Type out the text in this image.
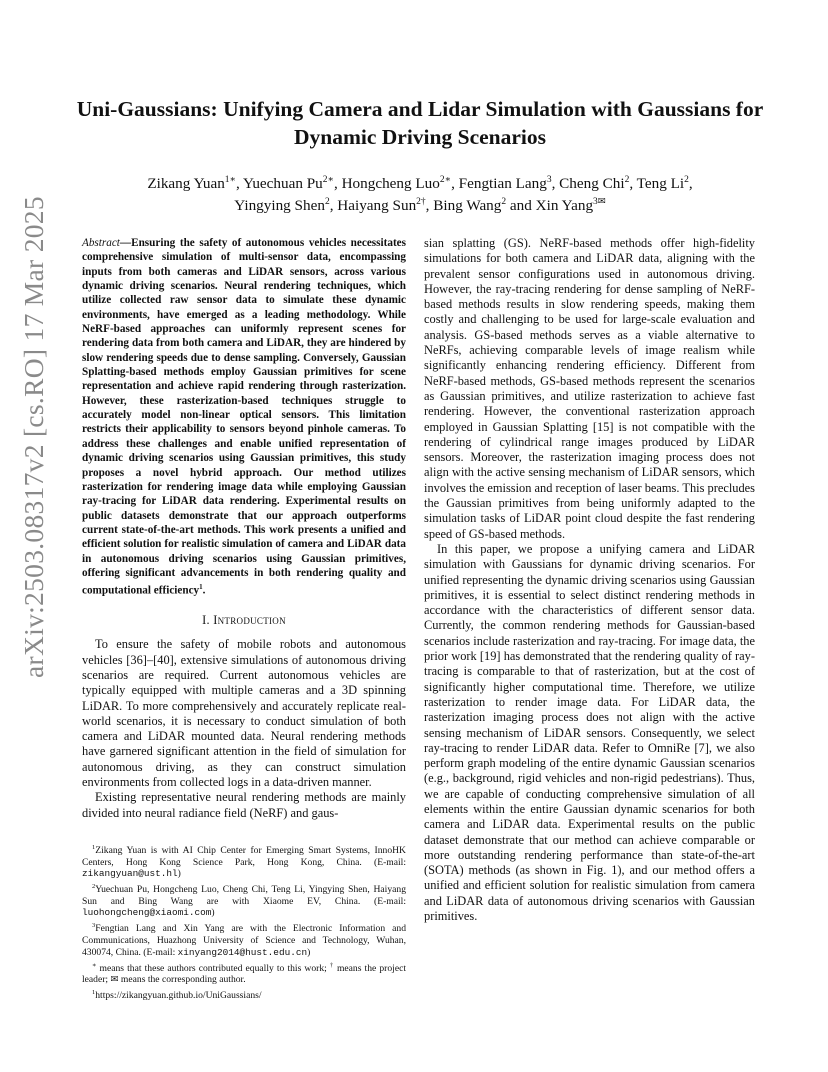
arXiv:2503.08317v2 [cs.RO] 17 Mar 2025
Uni-Gaussians: Unifying Camera and Lidar Simulation with Gaussians for Dynamic Driving Scenarios
Zikang Yuan$^{1∗}$, Yuechuan $Pu^{2∗}$, Hongcheng Luo$^{2∗}$, Fengtian Lang$^3$, Cheng Chi$^2$, Teng Li$^2$,
Yingying Shen$^2$, Haiyang Sun$^{2\dagger}$, Bing Wang$^2$ and Xin Yang$^{3✉}$

Abstract—Ensuring the safety of autonomous vehicles necessitates comprehensive simulation of multi-sensor data, encompassing inputs from both cameras and LiDAR sensors, across various dynamic driving scenarios. Neural rendering techniques, which utilize collected raw sensor data to simulate these dynamic environments, have emerged as a leading methodology. While NeRF-based approaches can uniformly represent scenes for rendering data from both camera and LiDAR, they are hindered by slow rendering speeds due to dense sampling. Conversely, Gaussian Splatting-based methods employ Gaussian primitives for scene representation and achieve rapid rendering through rasterization. However, these rasterization-based techniques struggle to accurately model non-linear optical sensors. This limitation restricts their applicability to sensors beyond pinhole cameras. To address these challenges and enable unified representation of dynamic driving scenarios using Gaussian primitives, this study proposes a novel hybrid approach. Our method utilizes rasterization for rendering image data while employing Gaussian ray-tracing for LiDAR data rendering. Experimental results on public datasets demonstrate that our approach outperforms current state-of-the-art methods. This work presents a unified and efficient solution for realistic simulation of camera and LiDAR data in autonomous driving scenarios using Gaussian primitives, offering significant advancements in both rendering quality and computational efficiency$^1$.

I. Introduction

To ensure the safety of mobile robots and autonomous vehicles [36]–[40], extensive simulations of autonomous driving scenarios are required. Current autonomous vehicles are typically equipped with multiple cameras and a 3D spinning LiDAR. To more comprehensively and accurately replicate real-world scenarios, it is necessary to conduct simulation of both camera and LiDAR mounted data. Neural rendering methods have garnered significant attention in the field of simulation for autonomous driving, as they can construct simulation environments from collected logs in a data-driven manner.

Existing representative neural rendering methods are mainly divided into neural radiance field (NeRF) and gaus-

$^1$Zikang Yuan is with AI Chip Center for Emerging Smart Systems, InnoHK Centers, Hong Kong Science Park, Hong Kong, China. (E-mail: zikangyuan@ust.hl)

$^2$Yuechuan Pu, Hongcheng Luo, Cheng Chi, Teng Li, Yingying Shen, Haiyang Sun and Bing Wang are with Xiaome EV, China. (E-mail: luohongcheng@xiaomi.com)

$^3$Fengtian Lang and Xin Yang are with the Electronic Information and Communications, Huazhong University of Science and Technology, Wuhan, 430074, China. (E-mail: xinyang2014@hust.edu.cn)

∗ means that these authors contributed equally to this work; † means the project leader; ✉ means the corresponding author.

$^1$https://zikangyuan.github.io/UniGaussians/

sian splatting (GS). NeRF-based methods offer high-fidelity simulations for both camera and LiDAR data, aligning with the prevalent sensor configurations used in autonomous driving. However, the ray-tracing rendering for dense sampling of NeRF-based methods results in slow rendering speeds, making them costly and challenging to be used for large-scale evaluation and analysis. GS-based methods serves as a viable alternative to NeRFs, achieving comparable levels of image realism while significantly enhancing rendering efficiency. Different from NeRF-based methods, GS-based methods represent the scenarios as Gaussian primitives, and utilize rasterization to achieve fast rendering. However, the conventional rasterization approach employed in Gaussian Splatting [15] is not compatible with the rendering of cylindrical range images produced by LiDAR sensors. Moreover, the rasterization imaging process does not align with the active sensing mechanism of LiDAR sensors, which involves the emission and reception of laser beams. This precludes the Gaussian primitives from being uniformly adapted to the simulation tasks of LiDAR point cloud despite the fast rendering speed of GS-based methods.

In this paper, we propose a unifying camera and LiDAR simulation with Gaussians for dynamic driving scenarios. For unified representing the dynamic driving scenarios using Gaussian primitives, it is essential to select distinct rendering methods in accordance with the characteristics of different sensor data. Currently, the common rendering methods for Gaussian-based scenarios include rasterization and ray-tracing. For image data, the prior work [19] has demonstrated that the rendering quality of ray-tracing is comparable to that of rasterization, but at the cost of significantly higher computational time. Therefore, we utilize rasterization to render image data. For LiDAR data, the rasterization imaging process does not align with the active sensing mechanism of LiDAR sensors. Consequently, we select ray-tracing to render LiDAR data. Refer to OmniRe [7], we also perform graph modeling of the entire dynamic Gaussian scenarios (e.g., background, rigid vehicles and non-rigid pedestrians). Thus, we are capable of conducting comprehensive simulation of all elements within the entire Gaussian dynamic scenarios for both camera and LiDAR data. Experimental results on the public dataset demonstrate that our method can achieve comparable or more outstanding rendering performance than state-of-the-art (SOTA) methods (as shown in Fig. 1), and our method offers a unified and efficient solution for realistic simulation from camera and LiDAR data of autonomous driving scenarios with Gaussian primitives.
